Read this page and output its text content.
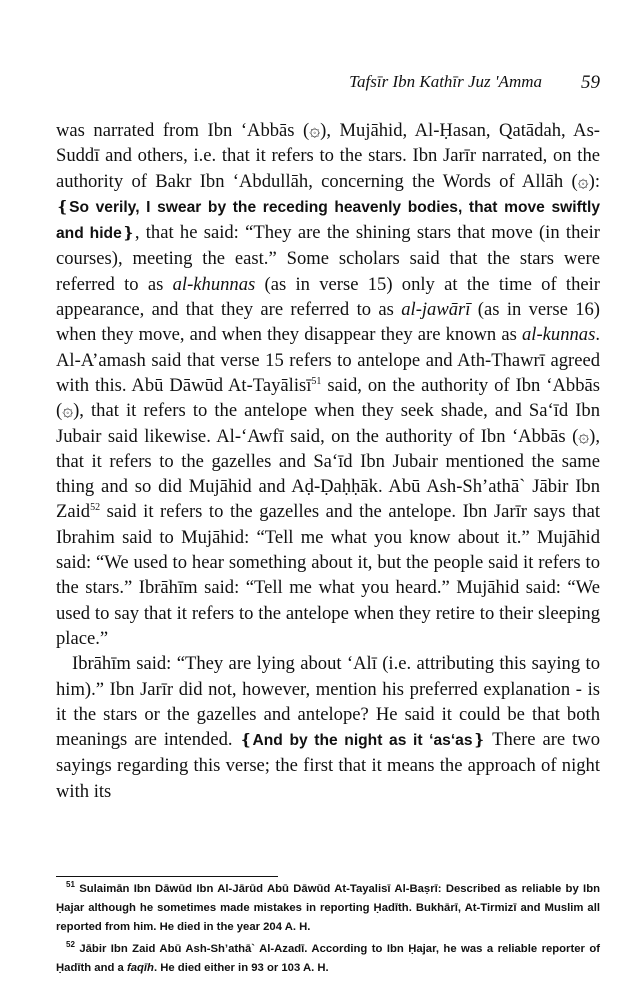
Tafsīr Ibn Kathīr Juz 'Amma 59

was narrated from Ibn ‘Abbās (۞), Mujāhid, Al-Ḥasan, Qatādah, As-Suddī and others, i.e. that it refers to the stars. Ibn Jarīr narrated, on the authority of Bakr Ibn ‘Abdullāh, concerning the Words of Allāh (۞): ❴So verily, I swear by the receding heavenly bodies, that move swiftly and hide❵, that he said: “They are the shining stars that move (in their courses), meeting the east.” Some scholars said that the stars were referred to as al-khunnas (as in verse 15) only at the time of their appearance, and that they are referred to as al-jawārī (as in verse 16) when they move, and when they disappear they are known as al-kunnas. Al-A’amash said that verse 15 refers to antelope and Ath-Thawrī agreed with this. Abū Dāwūd At-Tayālisī$^{51}$ said, on the authority of Ibn ‘Abbās (۞), that it refers to the antelope when they seek shade, and Sa‘īd Ibn Jubair said likewise. Al-‘Awfī said, on the authority of Ibn ‘Abbās (۞), that it refers to the gazelles and Sa‘īd Ibn Jubair mentioned the same thing and so did Mujāhid and Aḍ-Ḍaḥḥāk. Abū Ash-Sh’athā` Jābir Ibn Zaid$^{52}$ said it refers to the gazelles and the antelope. Ibn Jarīr says that Ibrahim said to Mujāhid: “Tell me what you know about it.” Mujāhid said: “We used to hear something about it, but the people said it refers to the stars.” Ibrāhīm said: “Tell me what you heard.” Mujāhid said: “We used to say that it refers to the antelope when they retire to their sleeping place.”

Ibrāhīm said: “They are lying about ‘Alī (i.e. attributing this saying to him).” Ibn Jarīr did not, however, mention his preferred explanation - is it the stars or the gazelles and antelope? He said it could be that both meanings are intended. ❴And by the night as it ‘as‘as❵ There are two sayings regarding this verse; the first that it means the approach of night with its

$^{51}$ Sulaimān Ibn Dāwūd Ibn Al-Jārūd Abū Dāwūd At-Tayalisī Al-Baṣrī: Described as reliable by Ibn Ḥajar although he sometimes made mistakes in reporting Ḥadīth. Bukhārī, At-Tirmizī and Muslim all reported from him. He died in the year 204 A. H.

$^{52}$ Jābir Ibn Zaid Abū Ash-Sh’athā` Al-Azadī. According to Ibn Ḥajar, he was a reliable reporter of Ḥadīth and a faqīh. He died either in 93 or 103 A. H.
